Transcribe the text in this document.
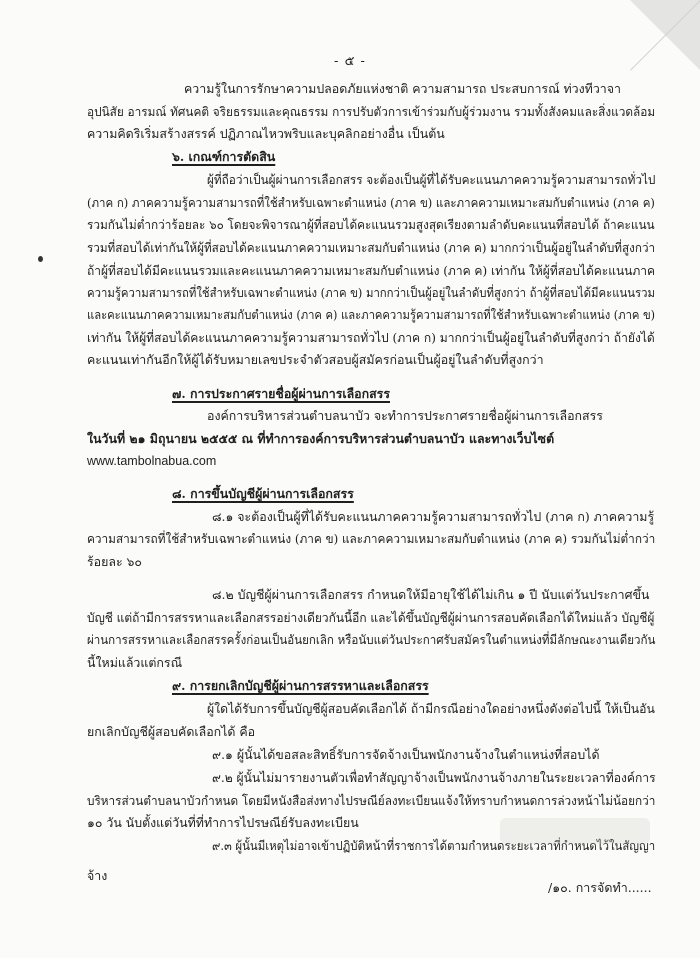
- ๕ -
ความรู้ในการรักษาความปลอดภัยแห่งชาติ ความสามารถ ประสบการณ์ ท่วงทีวาจา
อุปนิสัย อารมณ์ ทัศนคติ จริยธรรมและคุณธรรม การปรับตัวการเข้าร่วมกับผู้ร่วมงาน รวมทั้งสังคมและสิ่งแวดล้อม
ความคิดริเริ่มสร้างสรรค์ ปฏิภาณไหวพริบและบุคลิกอย่างอื่น เป็นต้น
๖. เกณฑ์การตัดสิน
ผู้ที่ถือว่าเป็นผู้ผ่านการเลือกสรร จะต้องเป็นผู้ที่ได้รับคะแนนภาคความรู้ความสามารถทั่วไป
(ภาค ก) ภาคความรู้ความสามารถที่ใช้สำหรับเฉพาะตำแหน่ง (ภาค ข) และภาคความเหมาะสมกับตำแหน่ง (ภาค ค)
รวมกันไม่ต่ำกว่าร้อยละ ๖๐ โดยจะพิจารณาผู้ที่สอบได้คะแนนรวมสูงสุดเรียงตามลำดับคะแนนที่สอบได้ ถ้าคะแนน
รวมที่สอบได้เท่ากันให้ผู้ที่สอบได้คะแนนภาคความเหมาะสมกับตำแหน่ง (ภาค ค) มากกว่าเป็นผู้อยู่ในลำดับที่สูงกว่า
ถ้าผู้ที่สอบได้มีคะแนนรวมและคะแนนภาคความเหมาะสมกับตำแหน่ง (ภาค ค) เท่ากัน ให้ผู้ที่สอบได้คะแนนภาค
ความรู้ความสามารถที่ใช้สำหรับเฉพาะตำแหน่ง (ภาค ข) มากกว่าเป็นผู้อยู่ในลำดับที่สูงกว่า ถ้าผู้ที่สอบได้มีคะแนนรวม
และคะแนนภาคความเหมาะสมกับตำแหน่ง (ภาค ค) และภาคความรู้ความสามารถที่ใช้สำหรับเฉพาะตำแหน่ง (ภาค ข)
เท่ากัน ให้ผู้ที่สอบได้คะแนนภาคความรู้ความสามารถทั่วไป (ภาค ก) มากกว่าเป็นผู้อยู่ในลำดับที่สูงกว่า ถ้ายังได้
คะแนนเท่ากันอีกให้ผู้ได้รับหมายเลขประจำตัวสอบผู้สมัครก่อนเป็นผู้อยู่ในลำดับที่สูงกว่า
๗. การประกาศรายชื่อผู้ผ่านการเลือกสรร
องค์การบริหารส่วนตำบลนาบัว จะทำการประกาศรายชื่อผู้ผ่านการเลือกสรร
ในวันที่ ๒๑ มิถุนายน ๒๕๕๕ ณ ที่ทำการองค์การบริหารส่วนตำบลนาบัว และทางเว็บไซต์
www.tambolnabua.com
๘. การขึ้นบัญชีผู้ผ่านการเลือกสรร
๘.๑ จะต้องเป็นผู้ที่ได้รับคะแนนภาคความรู้ความสามารถทั่วไป (ภาค ก) ภาคความรู้
ความสามารถที่ใช้สำหรับเฉพาะตำแหน่ง (ภาค ข) และภาคความเหมาะสมกับตำแหน่ง (ภาค ค) รวมกันไม่ต่ำกว่า
ร้อยละ ๖๐
๘.๒ บัญชีผู้ผ่านการเลือกสรร กำหนดให้มีอายุใช้ได้ไม่เกิน ๑ ปี นับแต่วันประกาศขึ้น
บัญชี แต่ถ้ามีการสรรหาและเลือกสรรอย่างเดียวกันนี้อีก และได้ขึ้นบัญชีผู้ผ่านการสอบคัดเลือกได้ใหม่แล้ว บัญชีผู้
ผ่านการสรรหาและเลือกสรรครั้งก่อนเป็นอันยกเลิก หรือนับแต่วันประกาศรับสมัครในตำแหน่งที่มีลักษณะงานเดียวกัน
นี้ใหม่แล้วแต่กรณี
๙. การยกเลิกบัญชีผู้ผ่านการสรรหาและเลือกสรร
ผู้ใดได้รับการขึ้นบัญชีผู้สอบคัดเลือกได้ ถ้ามีกรณีอย่างใดอย่างหนึ่งดังต่อไปนี้ ให้เป็นอัน
ยกเลิกบัญชีผู้สอบคัดเลือกได้ คือ
๙.๑ ผู้นั้นได้ขอสละสิทธิ์รับการจัดจ้างเป็นพนักงานจ้างในตำแหน่งที่สอบได้
๙.๒ ผู้นั้นไม่มารายงานตัวเพื่อทำสัญญาจ้างเป็นพนักงานจ้างภายในระยะเวลาที่องค์การ
บริหารส่วนตำบลนาบัวกำหนด โดยมีหนังสือส่งทางไปรษณีย์ลงทะเบียนแจ้งให้ทราบกำหนดการล่วงหน้าไม่น้อยกว่า
๑๐ วัน นับตั้งแต่วันที่ที่ทำการไปรษณีย์รับลงทะเบียน
๙.๓ ผู้นั้นมีเหตุไม่อาจเข้าปฏิบัติหน้าที่ราชการได้ตามกำหนดระยะเวลาที่กำหนดไว้ในสัญญา
จ้าง
/๑๐. การจัดทำ......
